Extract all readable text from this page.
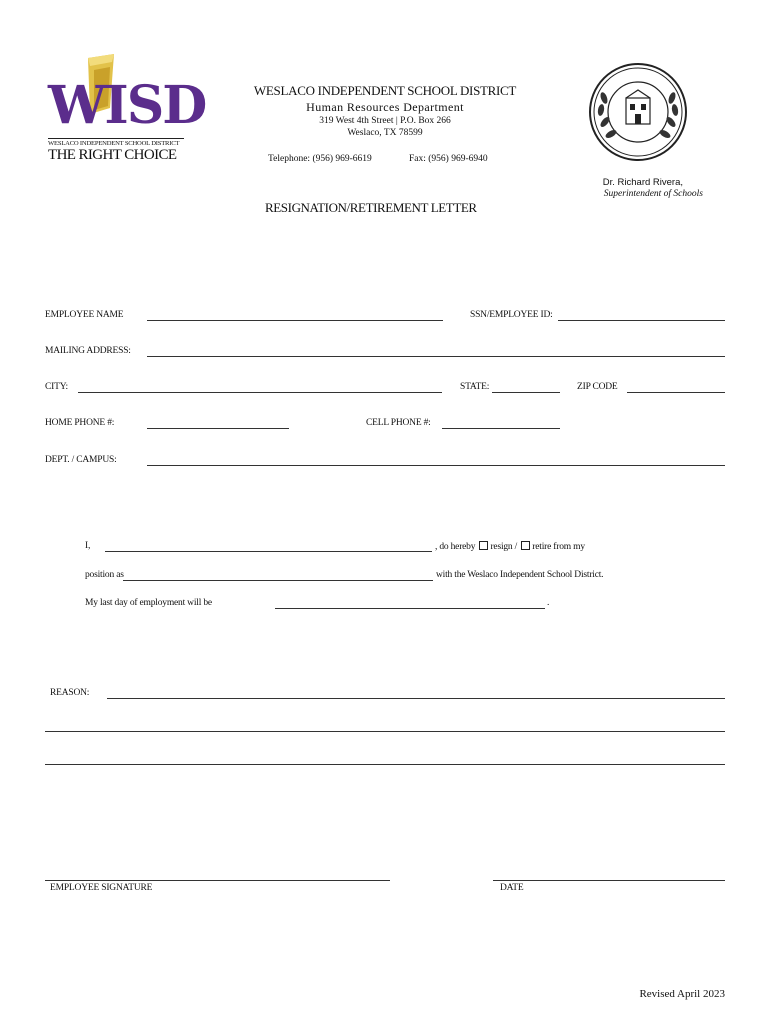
WISD
WESLACO INDEPENDENT SCHOOL DISTRICT
THE RIGHT CHOICE
WESLACO INDEPENDENT SCHOOL DISTRICT
Human Resources Department
319 West 4th Street | P.O. Box 266
Weslaco, TX 78599
Telephone: (956) 969-6619	Fax: (956) 969-6940
Dr. Richard Rivera,
Superintendent of Schools
RESIGNATION/RETIREMENT LETTER
EMPLOYEE NAME	SSN/EMPLOYEE ID:
MAILING ADDRESS:
CITY:	STATE:	ZIP CODE
HOME PHONE #:	CELL PHONE #:
DEPT. / CAMPUS:
I,	, do hereby resign / retire from my
position as	with the Weslaco Independent School District.
My last day of employment will be	.
REASON:
EMPLOYEE SIGNATURE	DATE
Revised April 2023
